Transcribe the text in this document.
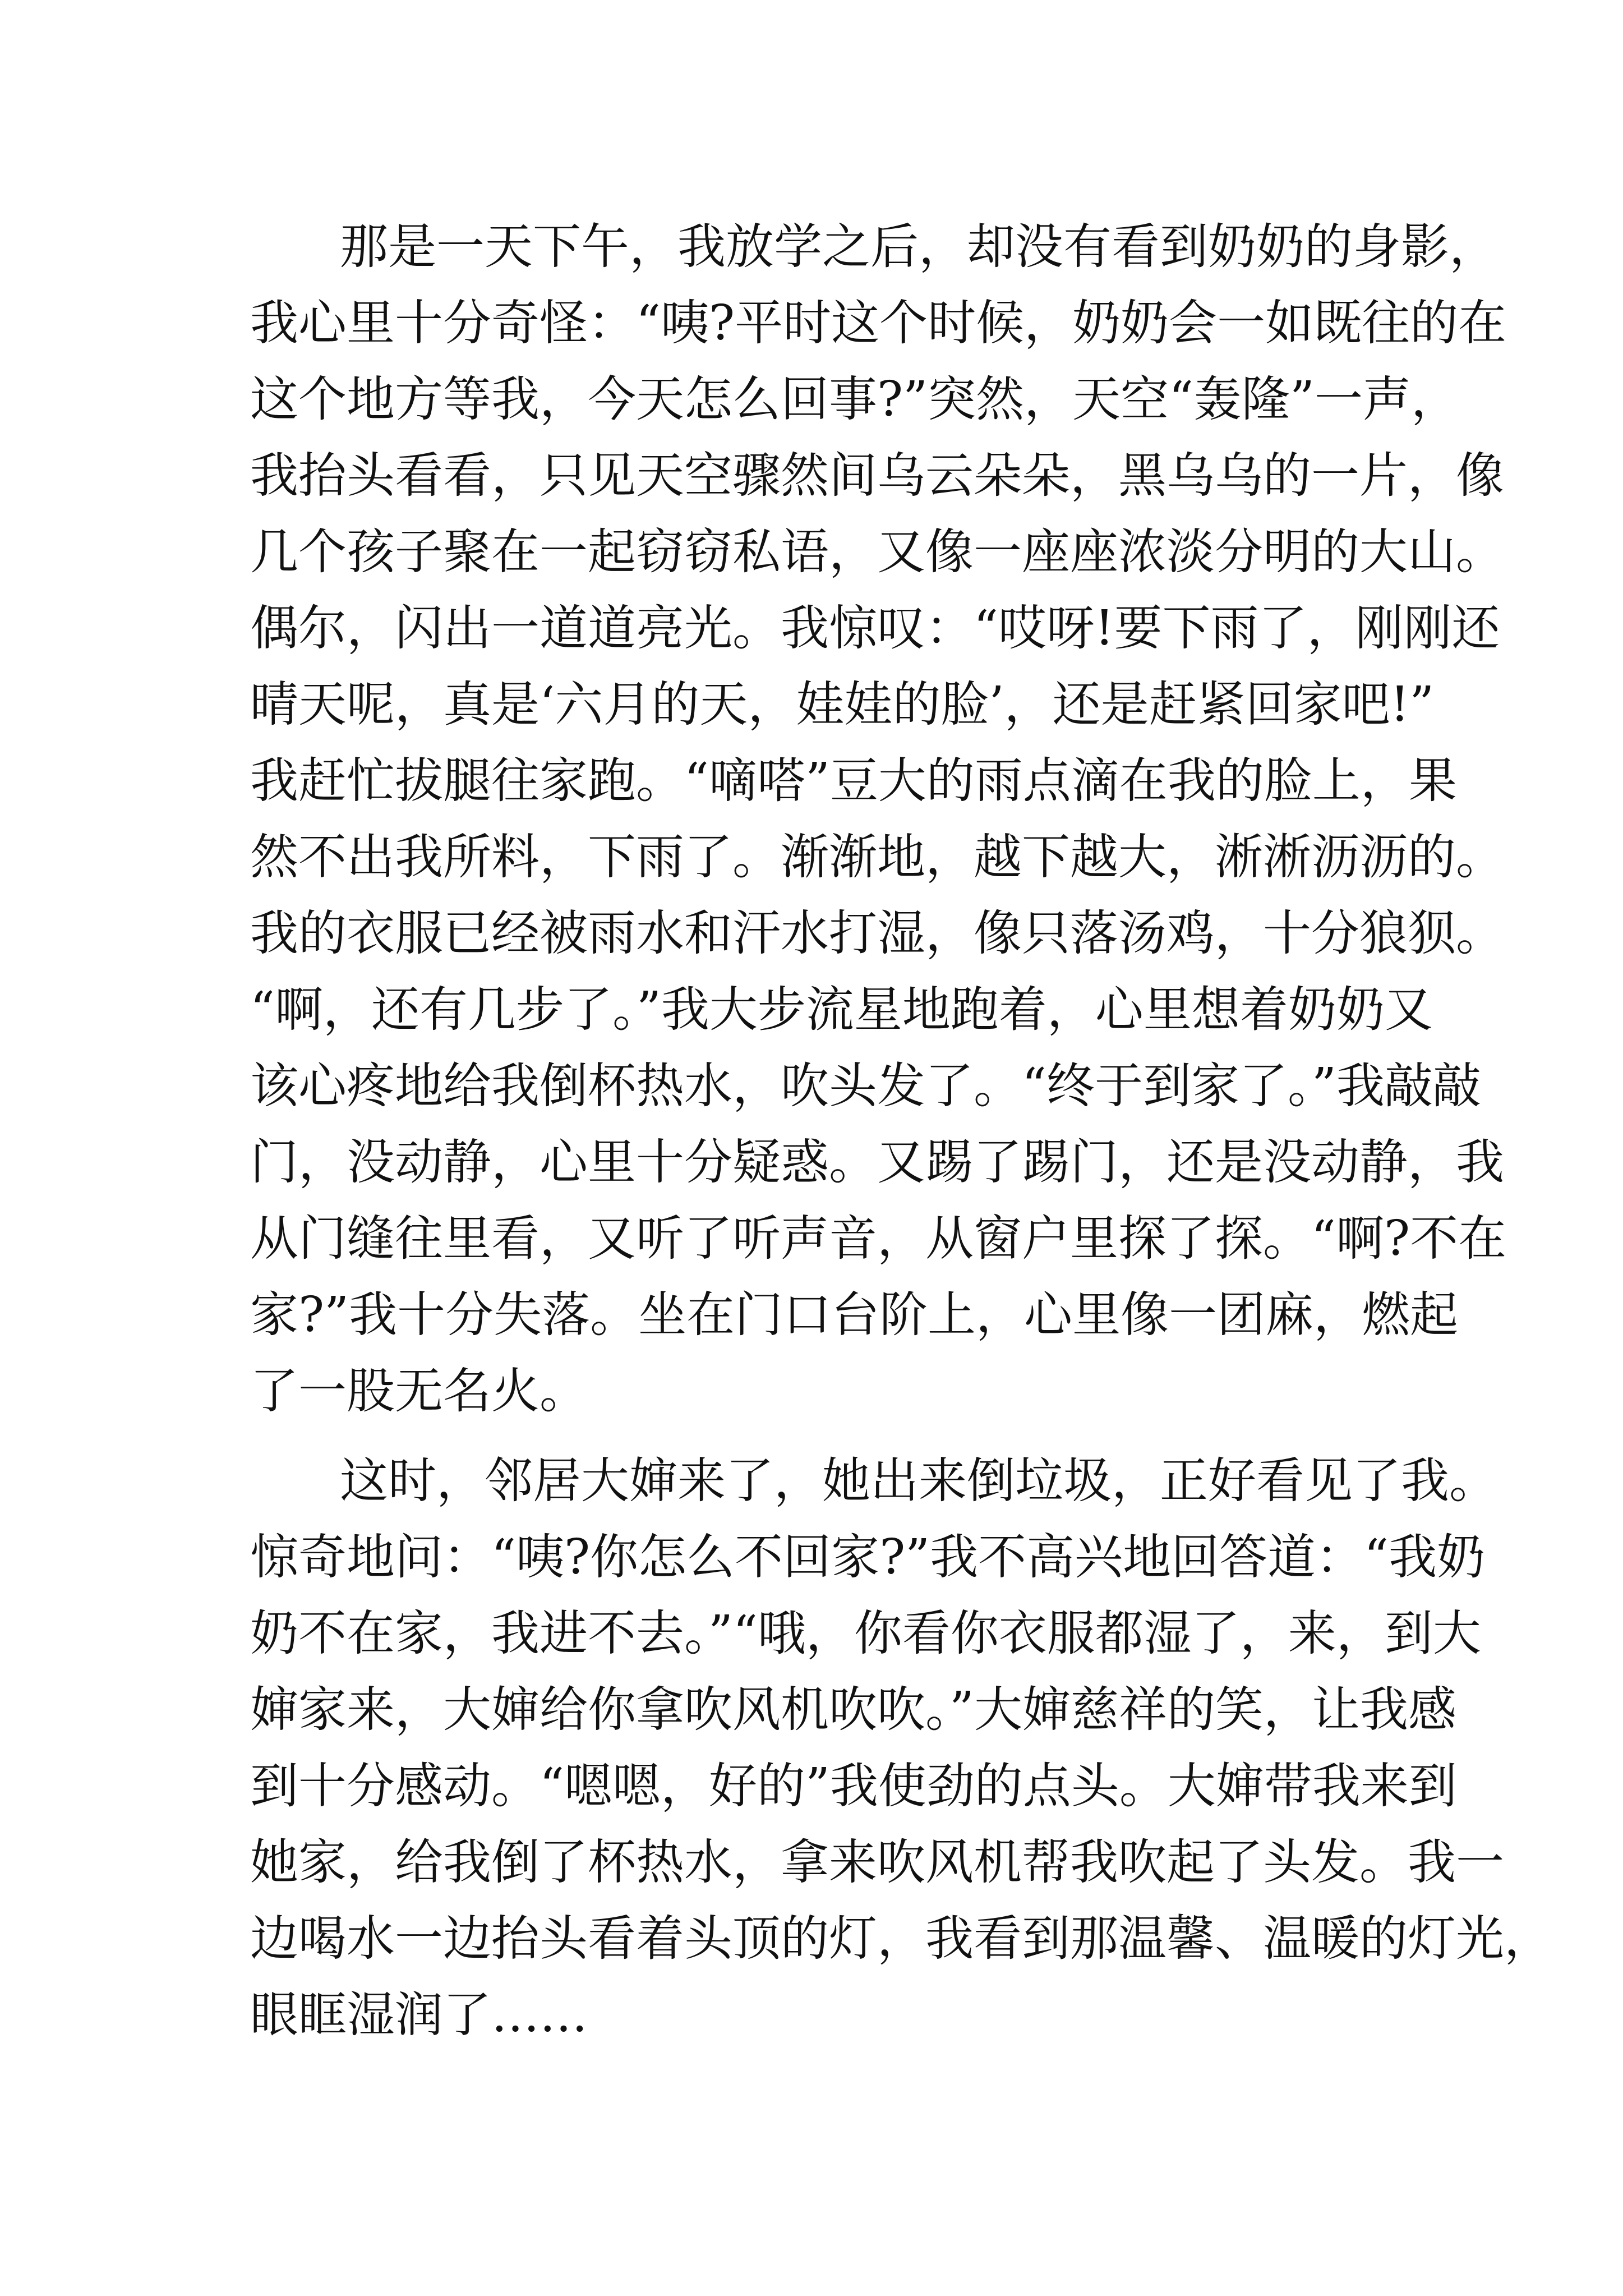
那是一天下午，我放学之后，却没有看到奶奶的身影，
我心里十分奇怪：“咦?平时这个时候，奶奶会一如既往的在
这个地方等我，今天怎么回事?”突然，天空“轰隆”一声，
我抬头看看，只见天空骤然间乌云朵朵，黑乌乌的一片，像
几个孩子聚在一起窃窃私语，又像一座座浓淡分明的大山。
偶尔，闪出一道道亮光。我惊叹：“哎呀!要下雨了，刚刚还
晴天呢，真是‘六月的天，娃娃的脸’，还是赶紧回家吧!”
我赶忙拔腿往家跑。“嘀嗒”豆大的雨点滴在我的脸上，果
然不出我所料，下雨了。渐渐地，越下越大，淅淅沥沥的。
我的衣服已经被雨水和汗水打湿，像只落汤鸡，十分狼狈。
“啊，还有几步了。”我大步流星地跑着，心里想着奶奶又
该心疼地给我倒杯热水，吹头发了。“终于到家了。”我敲敲
门，没动静，心里十分疑惑。又踢了踢门，还是没动静，我
从门缝往里看，又听了听声音，从窗户里探了探。“啊?不在
家?”我十分失落。坐在门口台阶上，心里像一团麻，燃起
了一股无名火。
这时，邻居大婶来了，她出来倒垃圾，正好看见了我。
惊奇地问：“咦?你怎么不回家?”我不高兴地回答道：“我奶
奶不在家，我进不去。”“哦，你看你衣服都湿了，来，到大
婶家来，大婶给你拿吹风机吹吹。”大婶慈祥的笑，让我感
到十分感动。“嗯嗯，好的”我使劲的点头。大婶带我来到
她家，给我倒了杯热水，拿来吹风机帮我吹起了头发。我一
边喝水一边抬头看着头顶的灯，我看到那温馨、温暖的灯光，
眼眶湿润了……
